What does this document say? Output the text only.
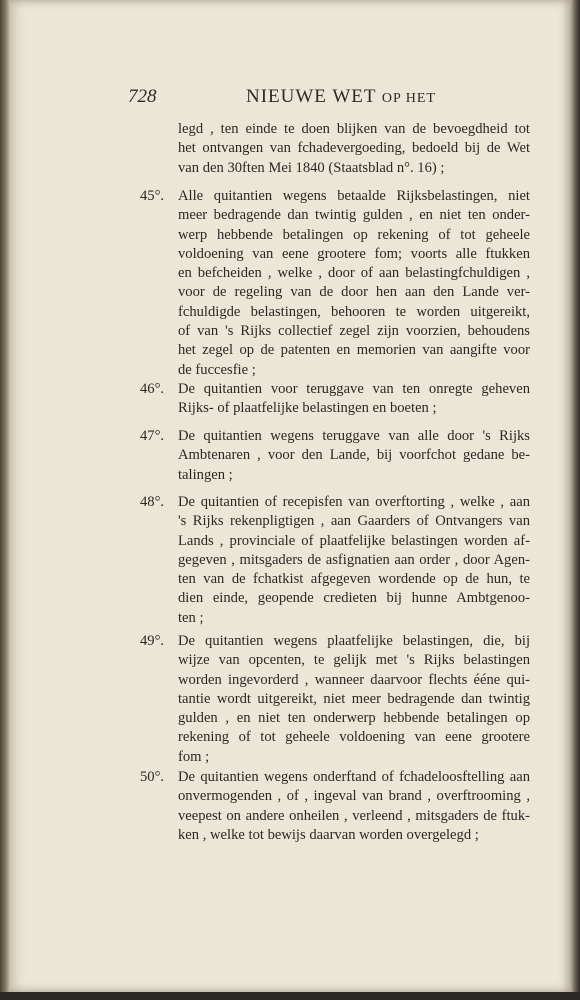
728	NIEUWE WET OP HET
legd , ten einde te doen blijken van de bevoegdheid tot
het ontvangen van fchadevergoeding, bedoeld bij de Wet
van den 30ften Mei 1840 (Staatsblad n°. 16) ;
45°. Alle quitantien wegens betaalde Rijksbelastingen, niet
meer bedragende dan twintig gulden , en niet ten onder-
werp hebbende betalingen op rekening of tot geheele
voldoening van eene grootere fom; voorts alle ftukken
en befcheiden , welke , door of aan belastingfchuldigen ,
voor de regeling van de door hen aan den Lande ver-
fchuldigde belastingen, behooren te worden uitgereikt,
of van 's Rijks collectief zegel zijn voorzien, behoudens
het zegel op de patenten en memorien van aangifte voor
de fuccesfie ;
46°. De quitantien voor teruggave van ten onregte geheven
Rijks- of plaatfelijke belastingen en boeten ;
47°. De quitantien wegens teruggave van alle door 's Rijks
Ambtenaren , voor den Lande, bij voorfchot gedane be-
talingen ;
48°. De quitantien of recepisfen van overftorting , welke , aan
's Rijks rekenpligtigen , aan Gaarders of Ontvangers van
Lands , provinciale of plaatfelijke belastingen worden af-
gegeven , mitsgaders de asfignatien aan order , door Agen-
ten van de fchatkist afgegeven wordende op de hun, te
dien einde, geopende credieten bij hunne Ambtgenoo-
ten ;
49°. De quitantien wegens plaatfelijke belastingen, die, bij
wijze van opcenten, te gelijk met 's Rijks belastingen
worden ingevorderd , wanneer daarvoor flechts ééne qui-
tantie wordt uitgereikt, niet meer bedragende dan twintig
gulden , en niet ten onderwerp hebbende betalingen op
rekening of tot geheele voldoening van eene grootere
fom ;
50°. De quitantien wegens onderftand of fchadeloosftelling aan
onvermogenden , of , ingeval van brand , overftrooming ,
veepest on andere onheilen , verleend , mitsgaders de ftuk-
ken , welke tot bewijs daarvan worden overgelegd ;
